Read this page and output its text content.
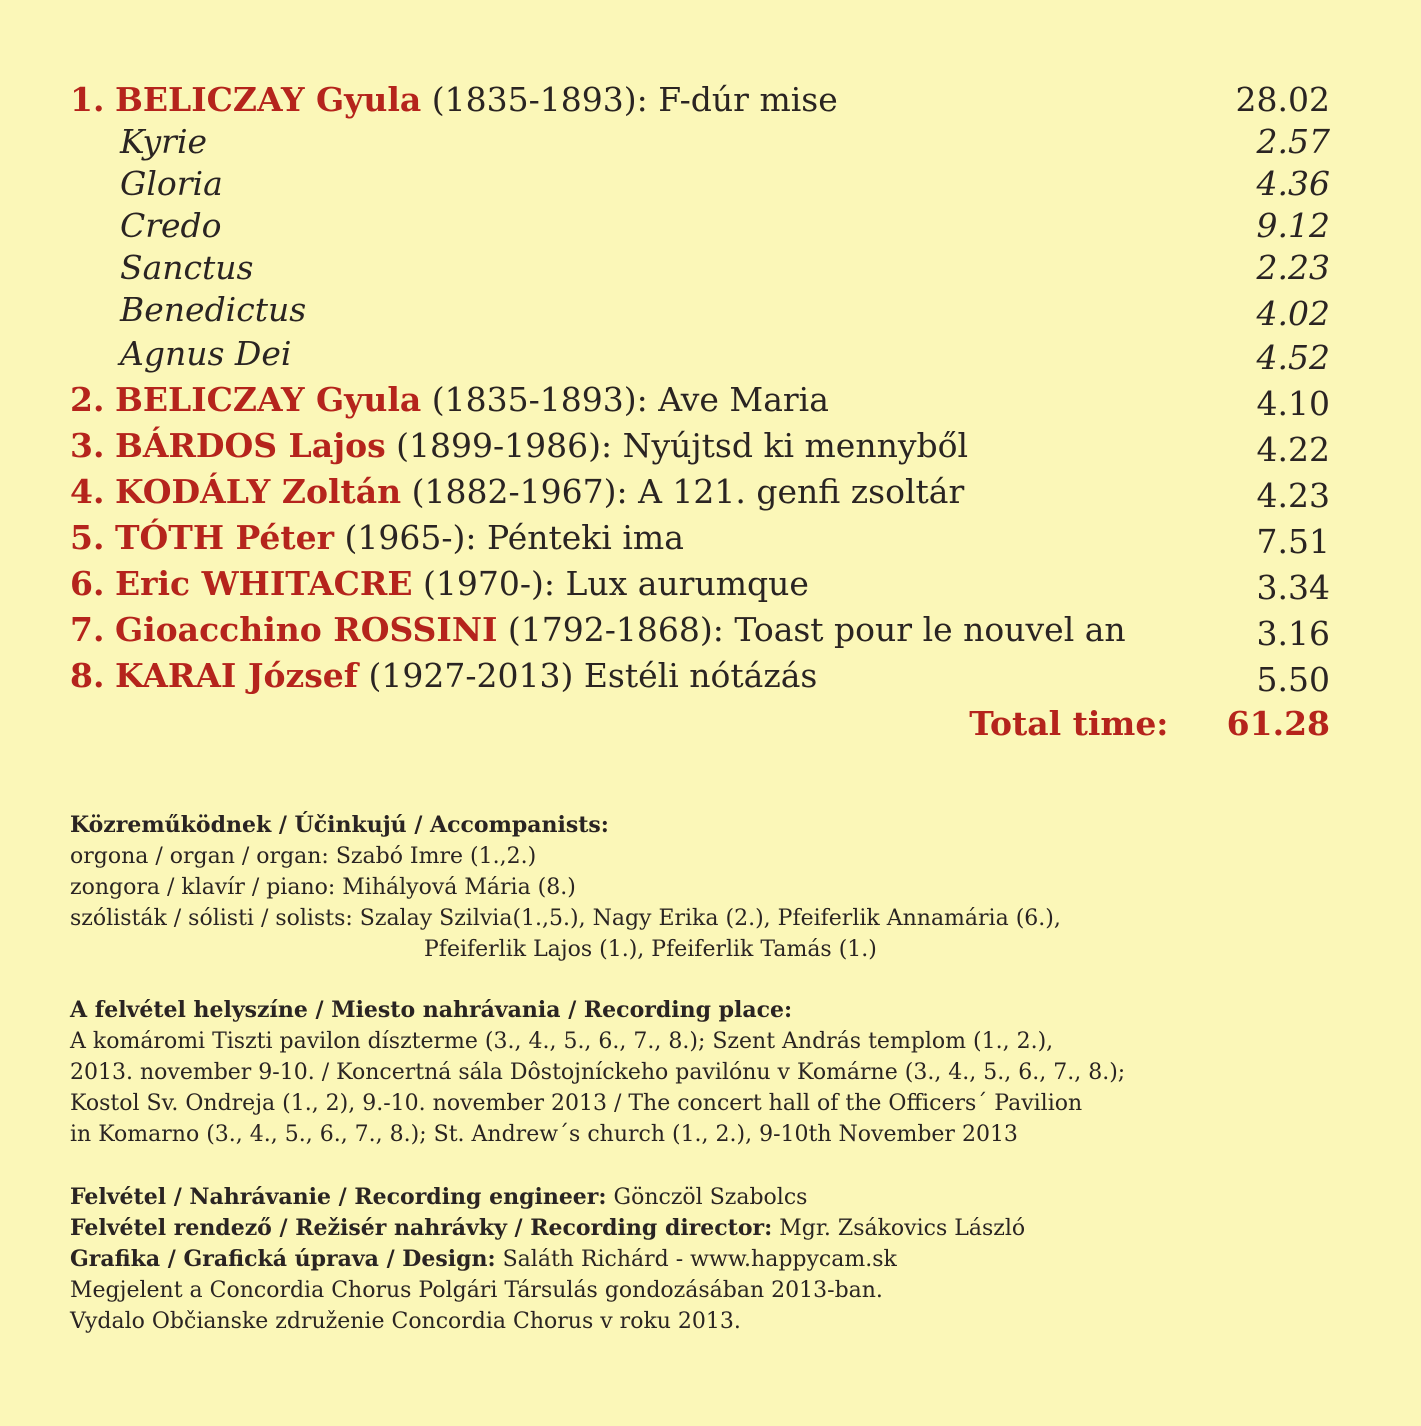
1. BELICZAY Gyula (1835-1893): F-dúr mise	28.02
Kyrie	2.57
Gloria	4.36
Credo	9.12
Sanctus	2.23
Benedictus	4.02
Agnus Dei	4.52
2. BELICZAY Gyula (1835-1893): Ave Maria	4.10
3. BÁRDOS Lajos (1899-1986): Nyújtsd ki mennyből	4.22
4. KODÁLY Zoltán (1882-1967): A 121. genfi zsoltár	4.23
5. TÓTH Péter (1965-): Pénteki ima	7.51
6. Eric WHITACRE (1970-): Lux aurumque	3.34
7. Gioacchino ROSSINI (1792-1868): Toast pour le nouvel an	3.16
8. KARAI József (1927-2013) Estéli nótázás	5.50
Total time: 61.28
Közreműködnek / Účinkujú / Accompanists:
orgona / organ / organ: Szabó Imre (1.,2.)
zongora / klavír / piano: Mihályová Mária (8.)
szólisták / sólisti / solists: Szalay Szilvia(1.,5.), Nagy Erika (2.), Pfeiferlik Annamária (6.),
Pfeiferlik Lajos (1.), Pfeiferlik Tamás (1.)
A felvétel helyszíne / Miesto nahrávania / Recording place:
A komáromi Tiszti pavilon díszterme (3., 4., 5., 6., 7., 8.); Szent András templom (1., 2.),
2013. november 9-10. / Koncertná sála Dôstojníckeho pavilónu v Komárne (3., 4., 5., 6., 7., 8.);
Kostol Sv. Ondreja (1., 2), 9.-10. november 2013 / The concert hall of the Officers´ Pavilion
in Komarno (3., 4., 5., 6., 7., 8.); St. Andrew´s church (1., 2.), 9-10th November 2013
Felvétel / Nahrávanie / Recording engineer: Gönczöl Szabolcs
Felvétel rendező / Režisér nahrávky / Recording director: Mgr. Zsákovics László
Grafika / Grafická úprava / Design: Saláth Richárd - www.happycam.sk
Megjelent a Concordia Chorus Polgári Társulás gondozásában 2013-ban.
Vydalo Občianske združenie Concordia Chorus v roku 2013.
